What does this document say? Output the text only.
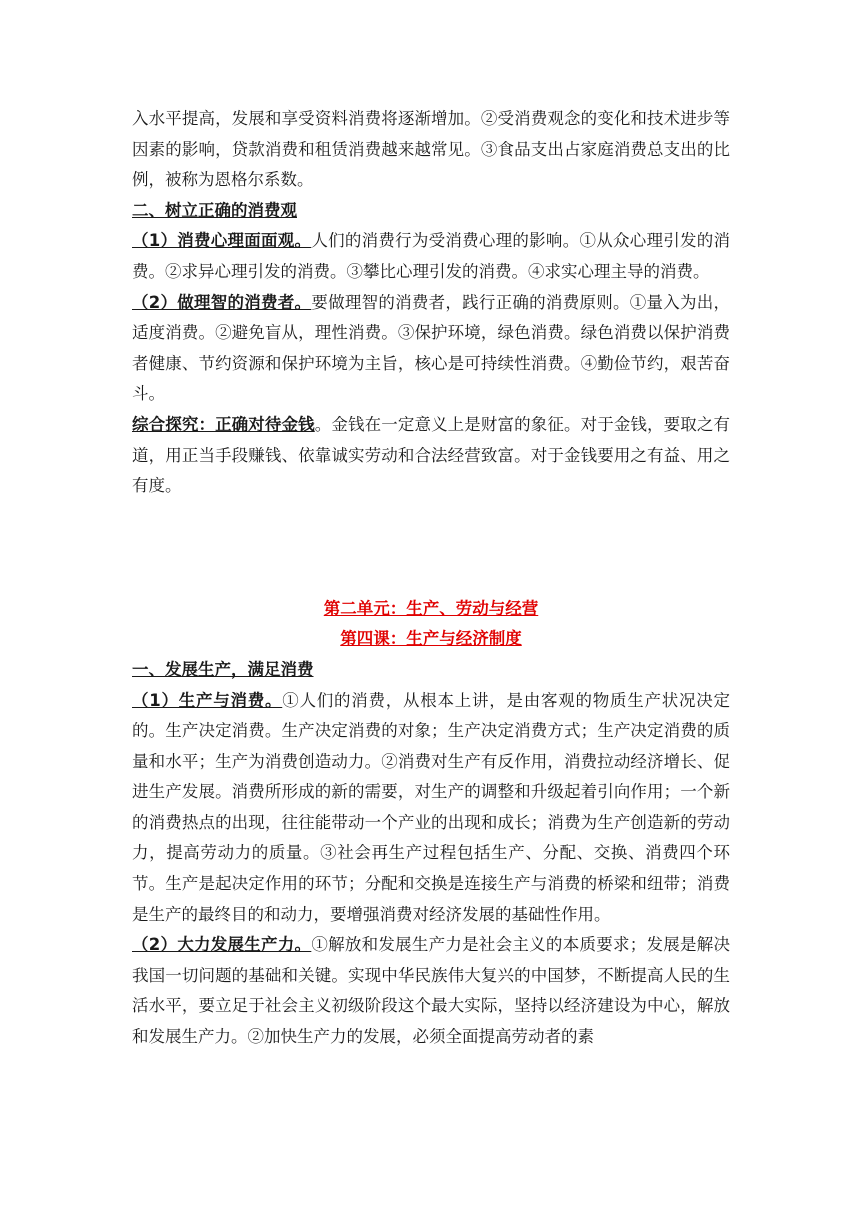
入水平提高，发展和享受资料消费将逐渐增加。②受消费观念的变化和技术进步等因素的影响，贷款消费和租赁消费越来越常见。③食品支出占家庭消费总支出的比例，被称为恩格尔系数。

二、树立正确的消费观

（1）消费心理面面观。人们的消费行为受消费心理的影响。①从众心理引发的消费。②求异心理引发的消费。③攀比心理引发的消费。④求实心理主导的消费。

（2）做理智的消费者。要做理智的消费者，践行正确的消费原则。①量入为出，适度消费。②避免盲从，理性消费。③保护环境，绿色消费。绿色消费以保护消费者健康、节约资源和保护环境为主旨，核心是可持续性消费。④勤俭节约，艰苦奋斗。

综合探究：正确对待金钱。金钱在一定意义上是财富的象征。对于金钱，要取之有道，用正当手段赚钱、依靠诚实劳动和合法经营致富。对于金钱要用之有益、用之有度。

第二单元：生产、劳动与经营
第四课：生产与经济制度

一、发展生产，满足消费

（1）生产与消费。①人们的消费，从根本上讲，是由客观的物质生产状况决定的。生产决定消费。生产决定消费的对象；生产决定消费方式；生产决定消费的质量和水平；生产为消费创造动力。②消费对生产有反作用，消费拉动经济增长、促进生产发展。消费所形成的新的需要，对生产的调整和升级起着引向作用；一个新的消费热点的出现，往往能带动一个产业的出现和成长；消费为生产创造新的劳动力，提高劳动力的质量。③社会再生产过程包括生产、分配、交换、消费四个环节。生产是起决定作用的环节；分配和交换是连接生产与消费的桥梁和纽带；消费是生产的最终目的和动力，要增强消费对经济发展的基础性作用。

（2）大力发展生产力。①解放和发展生产力是社会主义的本质要求；发展是解决我国一切问题的基础和关键。实现中华民族伟大复兴的中国梦，不断提高人民的生活水平，要立足于社会主义初级阶段这个最大实际，坚持以经济建设为中心，解放和发展生产力。②加快生产力的发展，必须全面提高劳动者的素
